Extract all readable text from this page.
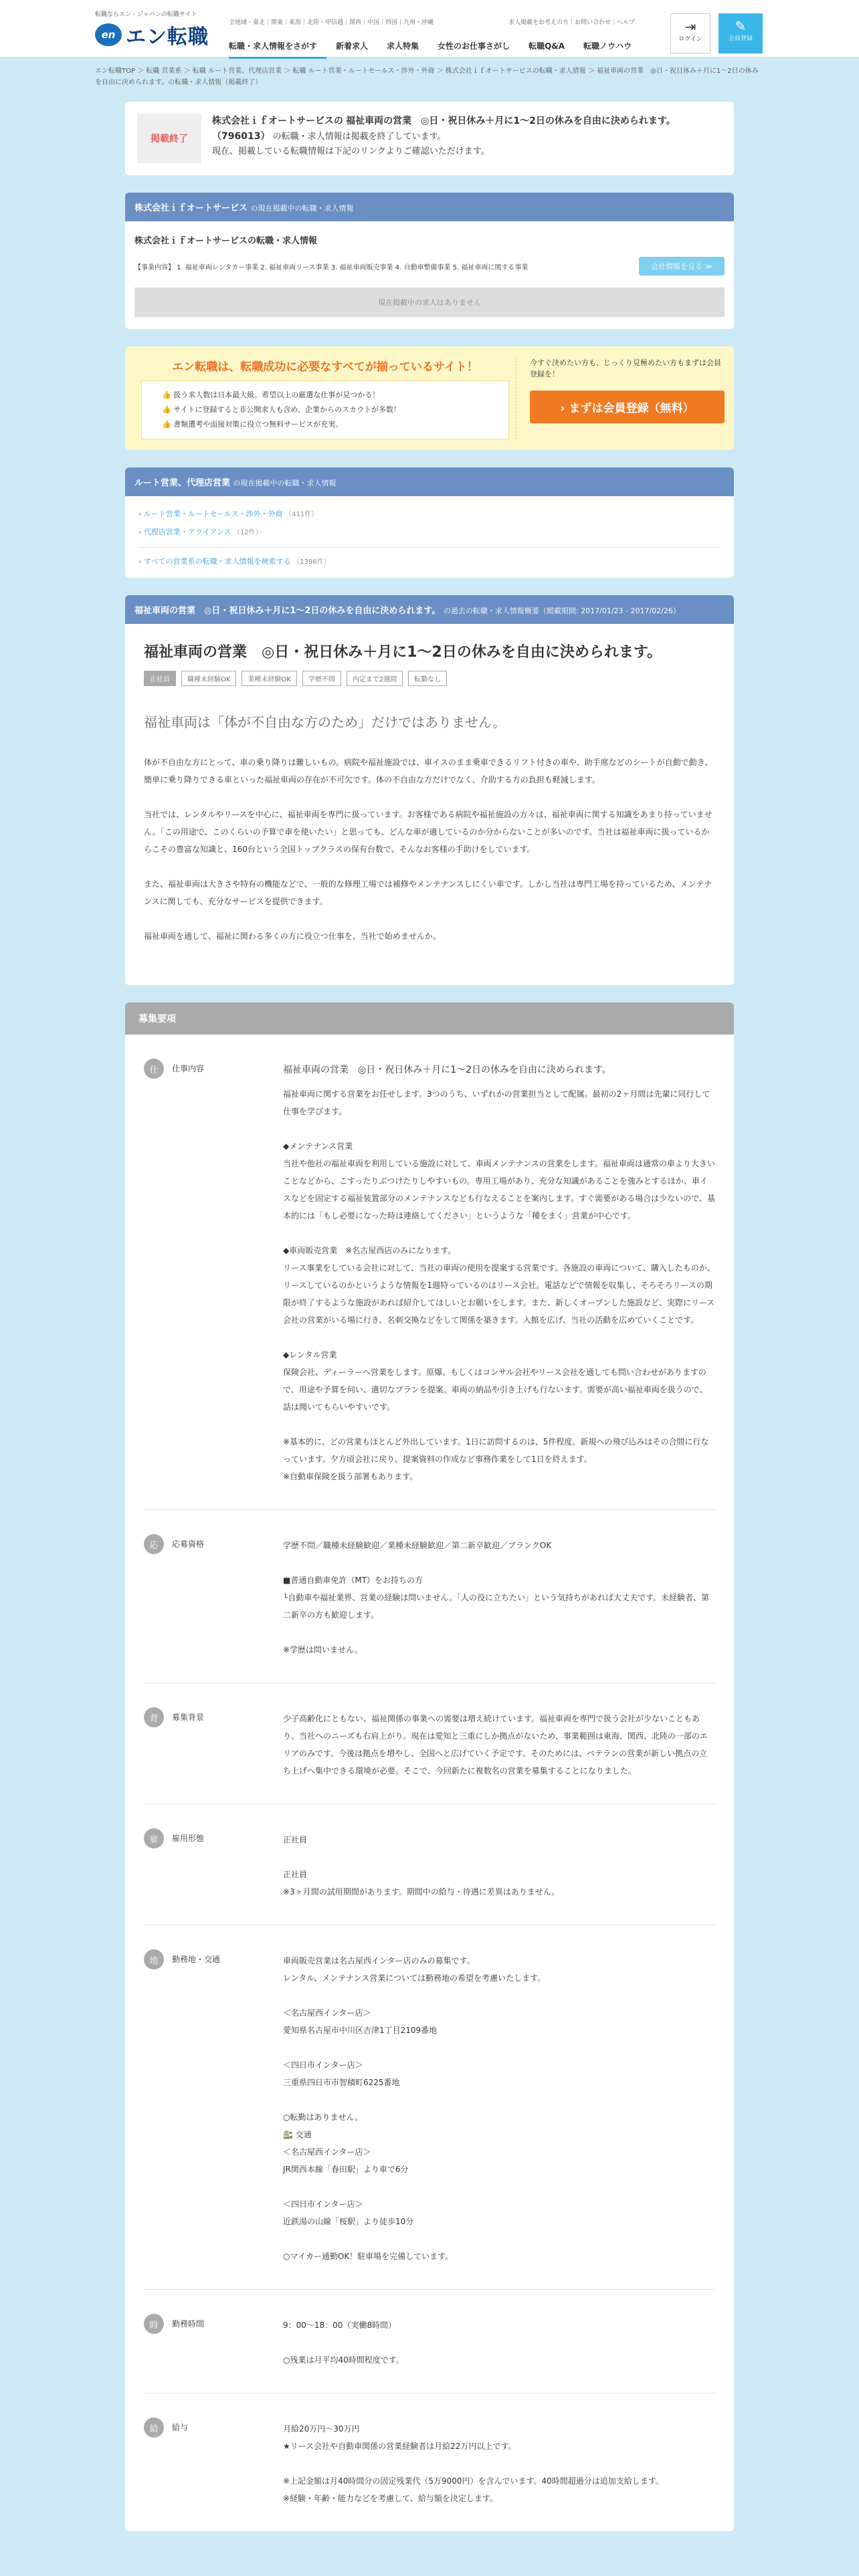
転職ならエン・ジャパンの転職サイト
en エン転職
全地域・東北｜関東｜東海｜北陸・甲信越｜関西｜中国｜四国｜九州・沖縄	求人掲載をお考えの方｜お問い合わせ｜ヘルプ
転職・求人情報をさがす	新着求人	求人特集	女性のお仕事さがし	転職Q&A	転職ノウハウ
⇥
ログイン
✎
会員登録
エン転職TOP ＞ 転職 営業系 ＞ 転職 ルート営業、代理店営業 ＞ 転職 ルート営業・ルートセールス・渉外・外商 ＞ 株式会社ｉｆオートサービスの転職・求人情報 ＞ 福祉車両の営業　◎日・祝日休み＋月に1～2日の休みを自由に決められます。の転職・求人情報（掲載終了）
掲載終了
株式会社ｉｆオートサービスの 福祉車両の営業　◎日・祝日休み＋月に1～2日の休みを自由に決められます。（796013） の転職・求人情報は掲載を終了しています。
現在、掲載している転職情報は下記のリンクよりご確認いただけます。
株式会社ｉｆオートサービス の現在掲載中の転職・求人情報
株式会社ｉｆオートサービスの転職・求人情報
【事業内容】 1. 福祉車両レンタカー事業 2. 福祉車両リース事業 3. 福祉車両販売事業 4. 自動車整備事業 5. 福祉車両に関する事業	会社情報を見る ≫
現在掲載中の求人はありません
エン転職は、転職成功に必要なすべてが揃っているサイト！
👍 扱う求人数は日本最大級。希望以上の厳選な仕事が見つかる！
👍 サイトに登録すると非公開求人も含め、企業からのスカウトが多数！
👍 書類選考や面接対策に役立つ無料サービスが充実。

今すぐ決めたい方も、じっくり見極めたい方もまずは会員登録を！

› まずは会員登録（無料）
ルート営業、代理店営業 の現在掲載中の転職・求人情報
› ルート営業・ルートセールス・渉外・外商 （411件）
› 代理店営業・アライアンス （12件）
› すべての営業系の転職・求人情報を検索する （1396件）
福祉車両の営業　◎日・祝日休み＋月に1～2日の休みを自由に決められます。 の過去の転職・求人情報概要（掲載期間: 2017/01/23 - 2017/02/26）
福祉車両の営業　◎日・祝日休み＋月に1～2日の休みを自由に決められます。
正社員	職種未経験OK	業種未経験OK	学歴不問	内定まで2週間	転勤なし
福祉車両は「体が不自由な方のため」だけではありません。

体が不自由な方にとって、車の乗り降りは難しいもの。病院や福祉施設では、車イスのまま乗車できるリフト付きの車や、助手席などのシートが自動で動き、簡単に乗り降りできる車といった福祉車両の存在が不可欠です。体の不自由な方だけでなく、介助する方の負担も軽減します。

当社では、レンタルやリースを中心に、福祉車両を専門に扱っています。お客様である病院や福祉施設の方々は、福祉車両に関する知識をあまり持っていません。「この用途で、このくらいの予算で車を使いたい」と思っても、どんな車が適しているのか分からないことが多いのです。当社は福祉車両に扱っているからこその豊富な知識と、160台という全国トップクラスの保有台数で、そんなお客様の手助けをしています。

また、福祉車両は大きさや特有の機能などで、一般的な修理工場では補修やメンテナンスしにくい車です。しかし当社は専門工場を持っているため、メンテナンスに関しても、充分なサービスを提供できます。

福祉車両を通して、福祉に関わる多くの方に役立つ仕事を、当社で始めませんか。

募集要項
仕	仕事内容	福祉車両の営業　◎日・祝日休み＋月に1～2日の休みを自由に決められます。
福祉車両に関する営業をお任せします。3つのうち、いずれかの営業担当として配属。最初の2ヶ月間は先輩に同行して仕事を学びます。

◆メンテナンス営業
当社や他社の福祉車両を利用している施設に対して、車両メンテナンスの営業をします。福祉車両は通常の車より大きいことなどから、こすったりぶつけたりしやすいもの。専用工場があり、充分な知識があることを強みとするほか、車イスなどを固定する福祉装置部分のメンテナンスなども行なえることを案内します。すぐ需要がある場合は少ないので、基本的には「もし必要になった時は連絡してください」というような「種をまく」営業が中心です。

◆車両販売営業　※名古屋西店のみになります。
リース事業をしている会社に対して、当社の車両の使用を提案する営業です。各施設の車両について、購入したものか、リースしているのかというような情報を1週特っているのはリース会社。電話などで情報を収集し、そろそろリースの期限が終了するような施設があれば紹介してほしいとお願いをします。また、新しくオープンした施設など、実際にリース会社の営業がいる場に行き、名刺交換などをして関係を築きます。入館を広げ、当社の活動を広めていくことです。

◆レンタル営業
保険会社、ディーラーへ営業をします。原爆、もしくはコンサル会社やリース会社を通しても問い合わせがありますので、用途や予算を伺い、適切なプランを提案。車両の納品や引き上げも行ないます。需要が高い福祉車両を扱うので、話は聞いてもらいやすいです。

※基本的に、どの営業もほとんど外出しています。1日に訪問するのは、5件程度。新規への飛び込みはその合間に行なっています。夕方頃会社に戻り、提案資料の作成など事務作業をして1日を終えます。
※自動車保険を扱う部署もあります。
応	応募資格	学歴不問／職種未経験歓迎／業種未経験歓迎／第二新卒歓迎／ブランクOK

■普通自動車免許（MT）をお持ちの方
└自動車や福祉業界、営業の経験は問いません。「人の役に立ちたい」という気持ちがあれば大丈夫です。未経験者、第二新卒の方も歓迎します。

※学歴は問いません。
背	募集背景	少子高齢化にともない、福祉関係の事業への需要は増え続けています。福祉車両を専門で扱う会社が少ないこともあり、当社へのニーズも右肩上がり。現在は愛知と三重にしか拠点がないため、事業範囲は東海、関西、北陸の一部のエリアのみです。今後は拠点を増やし、全国へと広げていく予定です。そのためには、ベテランの営業が新しい拠点の立ち上げへ集中できる環境が必要。そこで、今回新たに複数名の営業を募集することになりました。
雇	雇用形態	正社員

正社員
※3ヶ月間の試用期間があります。期間中の給与・待遇に差異はありません。
地	勤務地・交通	車両販売営業は名古屋西インター店のみの募集です。
レンタル、メンテナンス営業については勤務地の希望を考慮いたします。

＜名古屋西インター店＞
愛知県名古屋市中川区吉津1丁目2109番地

＜四日市インター店＞
三重県四日市市智積町6225番地

○転勤はありません。
🚉 交通
＜名古屋西インター店＞
JR関西本線「春田駅」より車で6分

＜四日市インター店＞
近鉄湯の山線「桜駅」より徒歩10分

○マイカー通勤OK！駐車場を完備しています。
時	勤務時間	9：00～18：00（実働8時間）

○残業は月平均40時間程度です。
給	給与	月給20万円～30万円
★リース会社や自動車関係の営業経験者は月給22万円以上です。

※上記金額は月40時間分の固定残業代（5万9000円）を含んでいます。40時間超過分は追加支給します。
※経験・年齢・能力などを考慮して、給与額を決定します。
